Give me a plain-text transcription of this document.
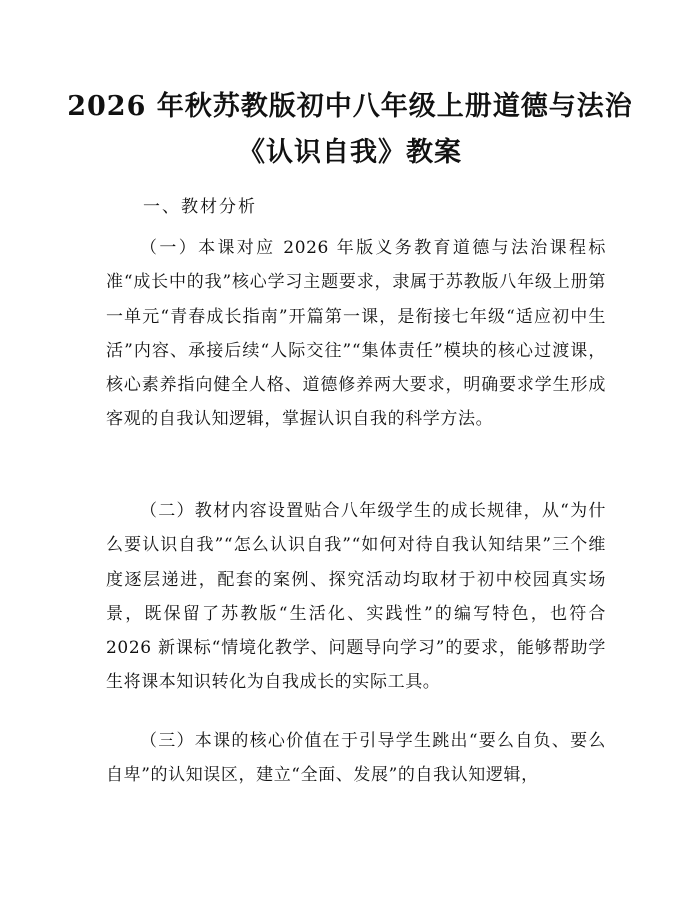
2026 年秋苏教版初中八年级上册道德与法治
《认识自我》教案
一、教材分析

（一）本课对应 2026 年版义务教育道德与法治课程标准“成长中的我”核心学习主题要求，隶属于苏教版八年级上册第一单元“青春成长指南”开篇第一课，是衔接七年级“适应初中生活”内容、承接后续“人际交往”“集体责任”模块的核心过渡课，核心素养指向健全人格、道德修养两大要求，明确要求学生形成客观的自我认知逻辑，掌握认识自我的科学方法。

（二）教材内容设置贴合八年级学生的成长规律，从“为什么要认识自我”“怎么认识自我”“如何对待自我认知结果”三个维度逐层递进，配套的案例、探究活动均取材于初中校园真实场景，既保留了苏教版“生活化、实践性”的编写特色，也符合 2026 新课标“情境化教学、问题导向学习”的要求，能够帮助学生将课本知识转化为自我成长的实际工具。

（三）本课的核心价值在于引导学生跳出“要么自负、要么自卑”的认知误区，建立“全面、发展”的自我认知逻辑，
